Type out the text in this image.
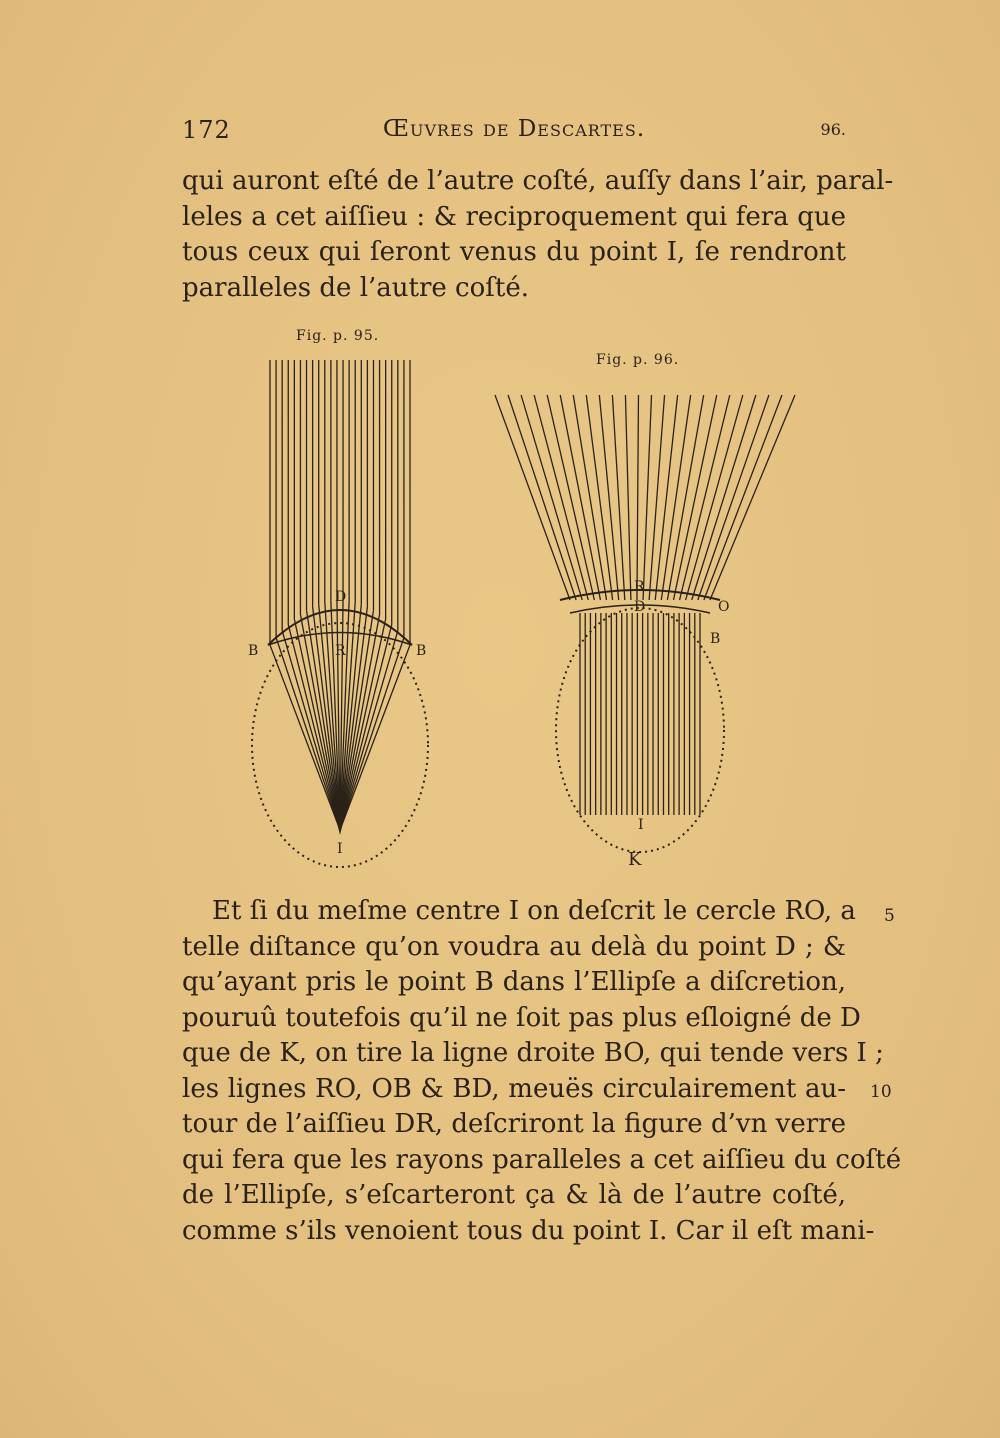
172	Œuvres de Descartes.	96.
qui auront eſté de l’autre coſté, auſſy dans l’air, paral-
leles a cet aiſſieu : & reciproquement qui fera que
tous ceux qui ſeront venus du point I, ſe rendront
paralleles de l’autre coſté.
Fig. p. 95.
Fig. p. 96.
D
B	B
R
I
R
D	O
B
I
K
Et ſi du meſme centre I on deſcrit le cercle RO, a
telle diſtance qu’on voudra au delà du point D ; &
qu’ayant pris le point B dans l’Ellipſe a diſcretion,
pouruû toutefois qu’il ne ſoit pas plus eſloigné de D
que de K, on tire la ligne droite BO, qui tende vers I ;
les lignes RO, OB & BD, meuës circulairement au-
tour de l’aiſſieu DR, deſcriront la figure d’vn verre
qui fera que les rayons paralleles a cet aiſſieu du coſté
de l’Ellipſe, s’eſcarteront ça & là de l’autre coſté,
comme s’ils venoient tous du point I. Car il eſt mani-
5
10
